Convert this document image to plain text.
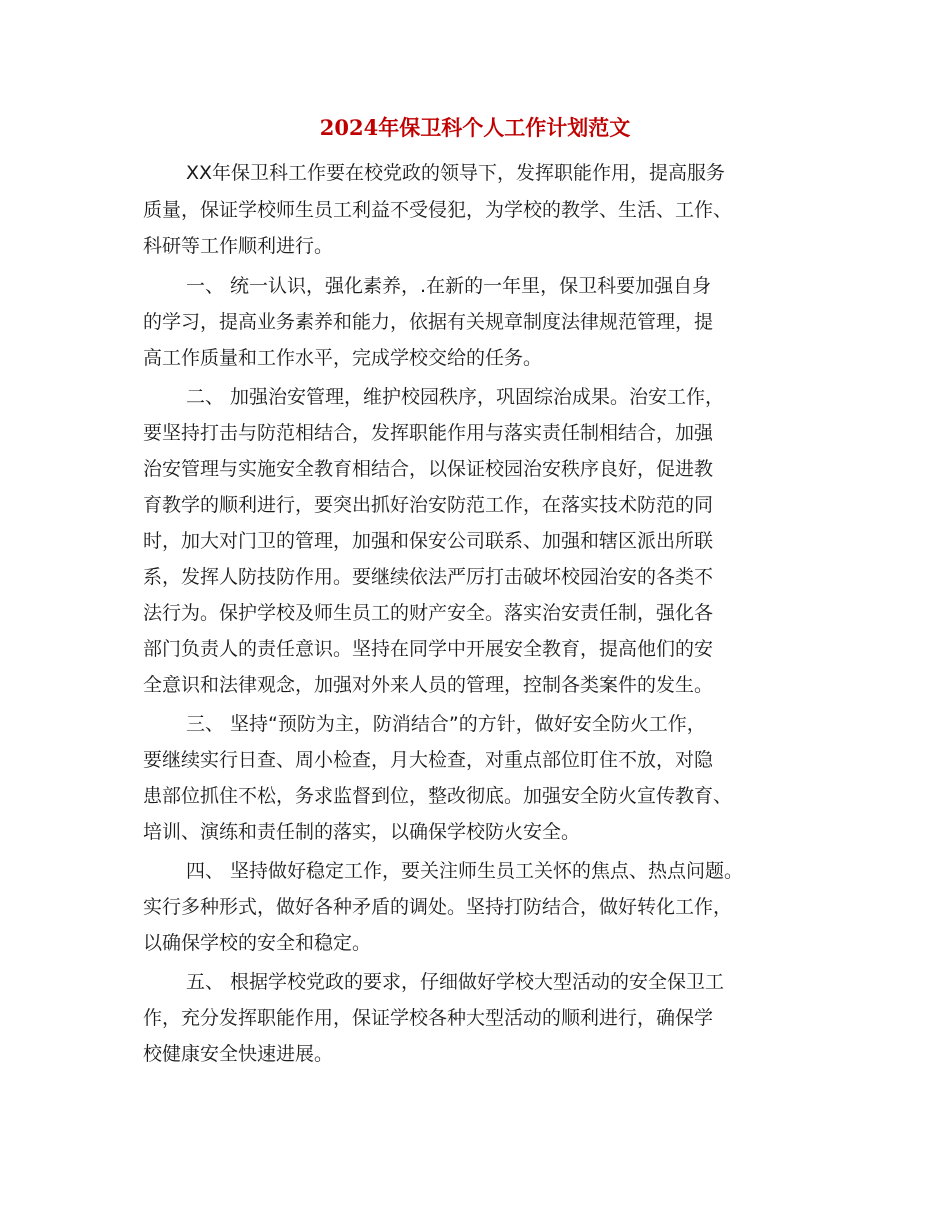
2024年保卫科个人工作计划范文
XX年保卫科工作要在校党政的领导下，发挥职能作用，提高服务
质量，保证学校师生员工利益不受侵犯，为学校的教学、生活、工作、
科研等工作顺利进行。
一、 统一认识，强化素养，.在新的一年里，保卫科要加强自身
的学习，提高业务素养和能力，依据有关规章制度法律规范管理，提
高工作质量和工作水平，完成学校交给的任务。
二、 加强治安管理，维护校园秩序，巩固综治成果。治安工作，
要坚持打击与防范相结合，发挥职能作用与落实责任制相结合，加强
治安管理与实施安全教育相结合，以保证校园治安秩序良好，促进教
育教学的顺利进行，要突出抓好治安防范工作，在落实技术防范的同
时，加大对门卫的管理，加强和保安公司联系、加强和辖区派出所联
系，发挥人防技防作用。要继续依法严厉打击破坏校园治安的各类不
法行为。保护学校及师生员工的财产安全。落实治安责任制，强化各
部门负责人的责任意识。坚持在同学中开展安全教育，提高他们的安
全意识和法律观念，加强对外来人员的管理，控制各类案件的发生。
三、 坚持“预防为主，防消结合”的方针，做好安全防火工作，
要继续实行日查、周小检查，月大检查，对重点部位盯住不放，对隐
患部位抓住不松，务求监督到位，整改彻底。加强安全防火宣传教育、
培训、演练和责任制的落实，以确保学校防火安全。
四、 坚持做好稳定工作，要关注师生员工关怀的焦点、热点问题。
实行多种形式，做好各种矛盾的调处。坚持打防结合，做好转化工作，
以确保学校的安全和稳定。
五、 根据学校党政的要求，仔细做好学校大型活动的安全保卫工
作，充分发挥职能作用，保证学校各种大型活动的顺利进行，确保学
校健康安全快速进展。
